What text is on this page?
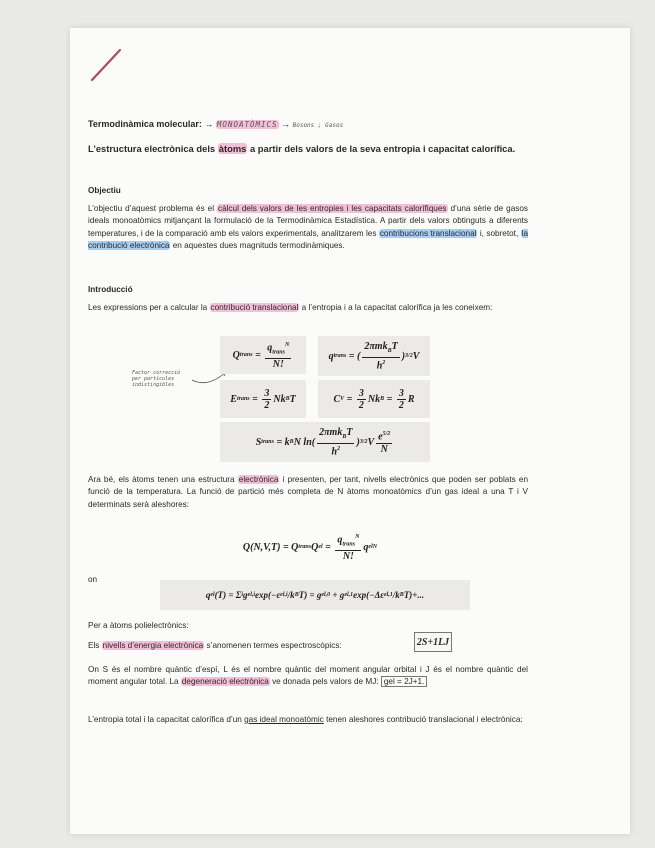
Termodinàmica molecular: → MONOATÒMICS → Bosons ; Gasos
L’estructura electrònica dels àtoms a partir dels valors de la seva entropia i capacitat calorífica.
Objectiu
L’objectiu d’aquest problema és el càlcul dels valors de les entropies i les capacitats calorífiques d’una sèrie de gasos ideals monoatòmics mitjançant la formulació de la Termodinàmica Estadística. A partir dels valors obtinguts a diferents temperatures, i de la comparació amb els valors experimentals, analitzarem les contribucions translacional i, sobretot, la contribució electrònica en aquestes dues magnituds termodinàmiques.
Introducció
Les expressions per a calcular la contribució translacional a l’entropia i a la capacitat calorífica ja les coneixem:
Factor correcció per partícules indistingibles
Q trans = $\frac{q_{trans}^N}{N!}$	q trans = ( $\frac{2\pi mk_BT}{h^2}$ ) 3/2 V
E trans = $\frac{3}{2}$ Nk B T	C $V = \frac{3}{2}$ Nk $B = \frac{3}{2}$ R
S trans = k B N $\ln( \frac{2\pi mk_BT}{h^2}$ ) 3/2 V $\frac{e^{5/2}}{N}$
Ara bé, els àtoms tenen una estructura electrònica i presenten, per tant, nivells electrònics que poden ser poblats en funció de la temperatura. La funció de partició més completa de N àtoms monoatòmics d’un gas ideal a una T i V determinats serà aleshores:
Q(N,V,T) = Q trans Q el = $\frac{q_{trans}^N}{N!}$ q el N
on
q el (T) = Σ i g el,i exp(−ε el,i /k B T) = g el,0 + g el,1 exp(−Δε el,1 /k B T)+...
Per a àtoms polielectrònics:
Els nivells d’energia electrònica s’anomenen termes espectroscòpics:	2S+1LJ
On S és el nombre quàntic d’espí, L és el nombre quàntic del moment angular orbital i J és el nombre quàntic del moment angular total. La degeneració electrònica ve donada pels valors de MJ: gel = 2J+1.
L’entropia total i la capacitat calorífica d’un gas ideal monoatòmic tenen aleshores contribució translacional i electrònica:
